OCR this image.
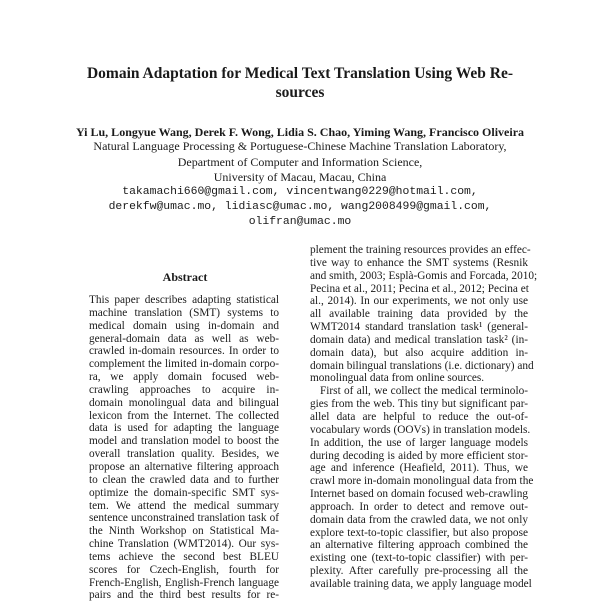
Domain Adaptation for Medical Text Translation Using Web Re-
sources
Yi Lu, Longyue Wang, Derek F. Wong, Lidia S. Chao, Yiming Wang, Francisco Oliveira
Natural Language Processing & Portuguese-Chinese Machine Translation Laboratory,
Department of Computer and Information Science,
University of Macau, Macau, China
takamachi660@gmail.com, vincentwang0229@hotmail.com,
derekfw@umac.mo, lidiasc@umac.mo, wang2008499@gmail.com,
olifran@umac.mo
Abstract
This paper describes adapting statistical
machine translation (SMT) systems to
medical domain using in-domain and
general-domain data as well as web-
crawled in-domain resources. In order to
complement the limited in-domain corpo-
ra, we apply domain focused web-
crawling approaches to acquire in-
domain monolingual data and bilingual
lexicon from the Internet. The collected
data is used for adapting the language
model and translation model to boost the
overall translation quality. Besides, we
propose an alternative filtering approach
to clean the crawled data and to further
optimize the domain-specific SMT sys-
tem. We attend the medical summary
sentence unconstrained translation task of
the Ninth Workshop on Statistical Ma-
chine Translation (WMT2014). Our sys-
tems achieve the second best BLEU
scores for Czech-English, fourth for
French-English, English-French language
pairs and the third best results for re-
plement the training resources provides an effec-
tive way to enhance the SMT systems (Resnik
and smith, 2003; Esplà-Gomis and Forcada, 2010;
Pecina et al., 2011; Pecina et al., 2012; Pecina et
al., 2014). In our experiments, we not only use
all available training data provided by the
WMT2014 standard translation task¹ (general-
domain data) and medical translation task² (in-
domain data), but also acquire addition in-
domain bilingual translations (i.e. dictionary) and
monolingual data from online sources.
First of all, we collect the medical terminolo-
gies from the web. This tiny but significant par-
allel data are helpful to reduce the out-of-
vocabulary words (OOVs) in translation models.
In addition, the use of larger language models
during decoding is aided by more efficient stor-
age and inference (Heafield, 2011). Thus, we
crawl more in-domain monolingual data from the
Internet based on domain focused web-crawling
approach. In order to detect and remove out-
domain data from the crawled data, we not only
explore text-to-topic classifier, but also propose
an alternative filtering approach combined the
existing one (text-to-topic classifier) with per-
plexity. After carefully pre-processing all the
available training data, we apply language model
